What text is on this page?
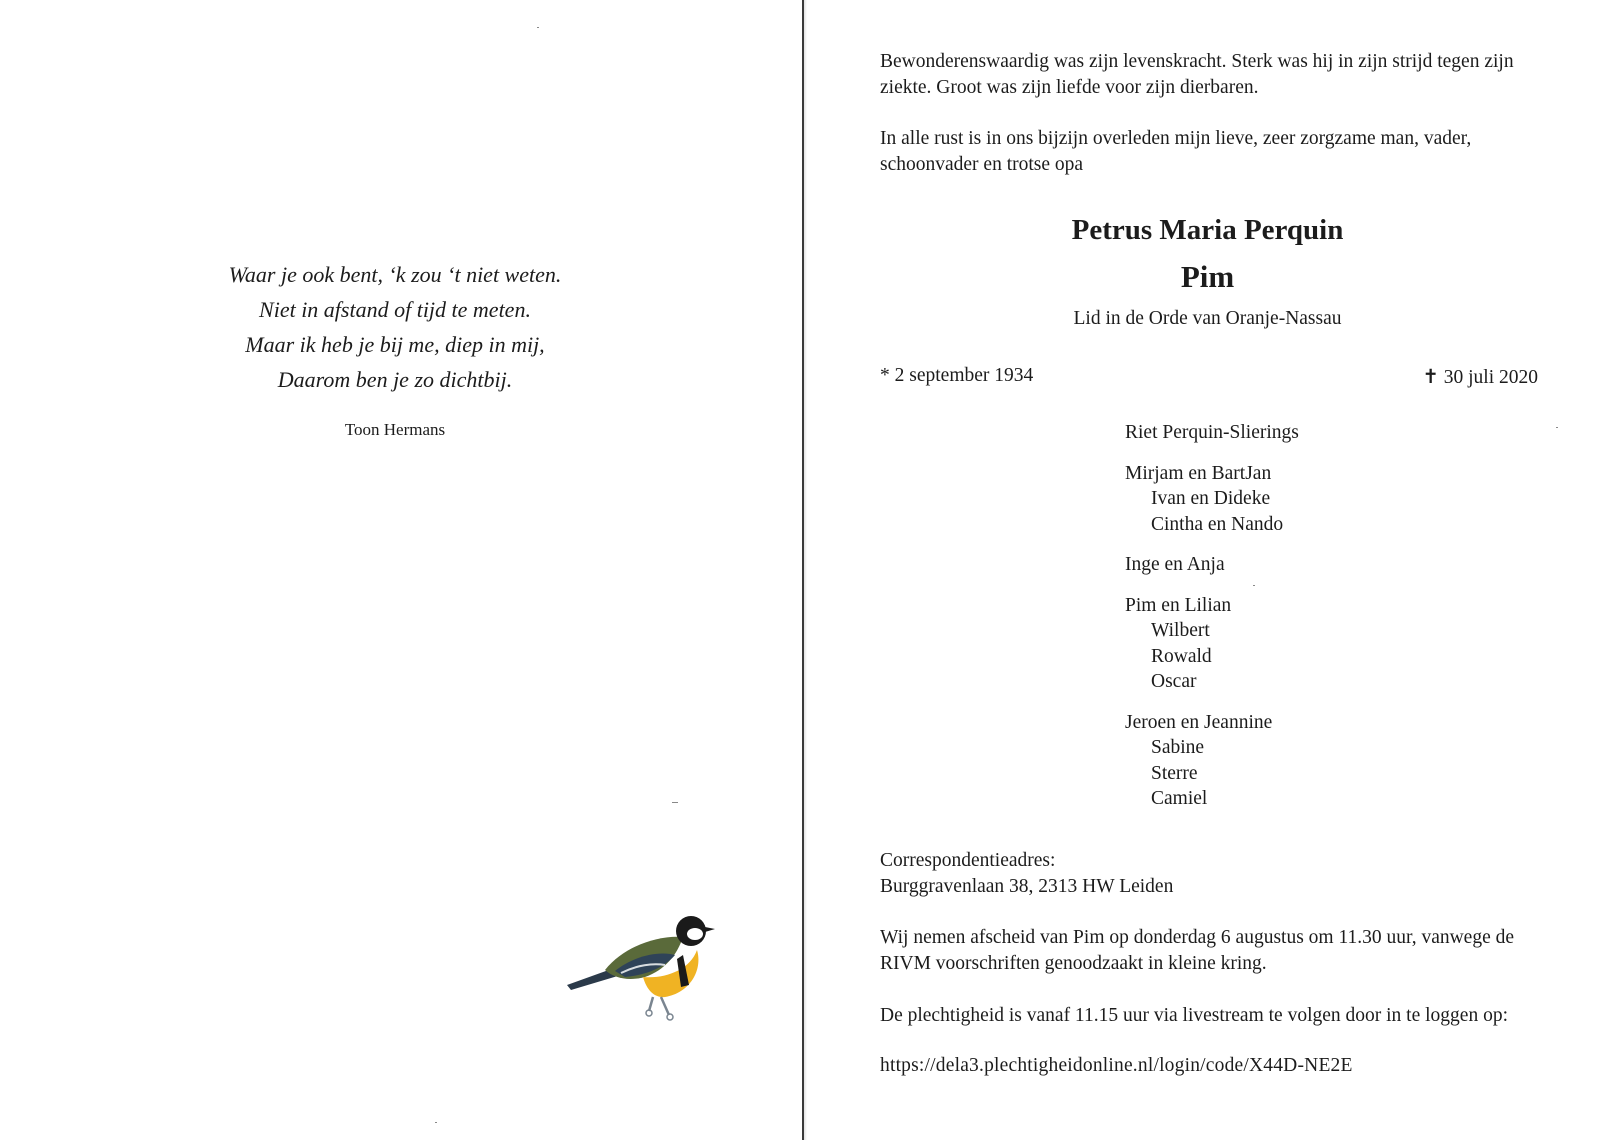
Waar je ook bent, ‘k zou ‘t niet weten.
Niet in afstand of tijd te meten.
Maar ik heb je bij me, diep in mij,
Daarom ben je zo dichtbij.
Toon Hermans
Bewonderenswaardig was zijn levenskracht. Sterk was hij in zijn strijd tegen zijn ziekte. Groot was zijn liefde voor zijn dierbaren.
In alle rust is in ons bijzijn overleden mijn lieve, zeer zorgzame man, vader, schoonvader en trotse opa
Petrus Maria Perquin
Pim
Lid in de Orde van Oranje-Nassau
* 2 september 1934	✝ 30 juli 2020
Riet Perquin-Slierings
Mirjam en BartJan
Ivan en Dideke
Cintha en Nando
Inge en Anja
Pim en Lilian
Wilbert
Rowald
Oscar
Jeroen en Jeannine
Sabine
Sterre
Camiel
Correspondentieadres:
Burggravenlaan 38, 2313 HW Leiden
Wij nemen afscheid van Pim op donderdag 6 augustus om 11.30 uur, vanwege de RIVM voorschriften genoodzaakt in kleine kring.
De plechtigheid is vanaf 11.15 uur via livestream te volgen door in te loggen op:
https://dela3.plechtigheidonline.nl/login/code/X44D-NE2E
